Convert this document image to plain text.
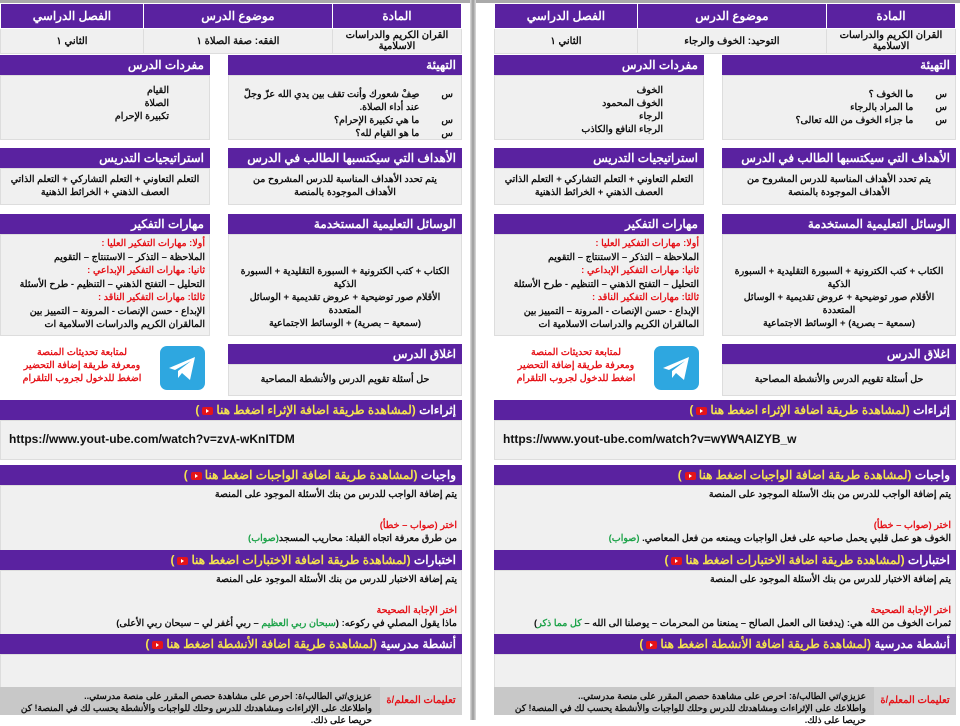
المادة	موضوع الدرس	الفصل الدراسي
القران الكريم والدراسات الاسلامية	الفقه: صفة الصلاة ١	الثاني ١
التهيئة
س
صِفْ شعورك وأنت تقف بين يدي الله عزّ وجلّ عند أداء الصلاة.
س
ما هي تكبيرة الإحرام؟
س
ما هو القيام لله؟
مفردات الدرس
القيام
الصلاة
تكبيرة الإحرام
الأهداف التي سيكتسبها الطالب في الدرس
يتم تحدد الأهداف المناسبة للدرس المشروح من الأهداف الموجودة بالمنصة
استراتيجيات التدريس
التعلم التعاوني + التعلم التشاركي + التعلم الذاتي
العصف الذهني + الخرائط الذهنية
الوسائل التعليمية المستخدمة
الكتاب + كتب الكترونية + السبورة التقليدية + السبورة الذكية
الأقلام صور توضيحية + عروض تقديمية + الوسائل المتعددة
(سمعية – بصرية) + الوسائط الاجتماعية
مهارات التفكير
أولا: مهارات التفكير العليا :
الملاحظة – التذكر – الاستنتاج – التقويم
ثانيا: مهارات التفكير الإبداعي :
التحليل – التفتح الذهني – التنظيم - طرح الأسئلة
ثالثا: مهارات التفكير الناقد :
الإبداع - حسن الإنصات - المرونة – التمييز بين المالقران الكريم والدراسات الاسلامية ات
اغلاق الدرس
حل أسئلة تقويم الدرس والأنشطة المصاحبة
لمتابعة تحديثات المنصة
ومعرفة طريقة إضافة التحضير
اضغط للدخول لجروب التلقرام
إثراءات (لمشاهدة طريقة اضافة الإثراء اضغط هنا)
https://www.yout-ube.com/watch?v=zv٨-wKnITDM
واجبات (لمشاهدة طريقة اضافة الواجبات اضغط هنا)
يتم إضافة الواجب للدرس من بنك الأسئلة الموجود على المنصة
اختر (صواب – خطأ)
من طرق معرفة اتجاه القبلة: محاريب المسجد(صواب)
اختبارات (لمشاهدة طريقة اضافة الاختبارات اضغط هنا)
يتم إضافة الاختبار للدرس من بنك الأسئلة الموجود على المنصة
اختر الإجابة الصحيحة
ماذا يقول المصلي في ركوعه: (سبحان ربي العظيم – ربي أغفر لي – سبحان ربي الأعلى)
أنشطة مدرسية (لمشاهدة طريقة اضافة الأنشطة اضغط هنا)
تعليمات المعلم/ة
عزيزي/تي الطالب/ة: احرص على مشاهدة حصص المقرر على منصة مدرستي..
واطلاعك على الإثراءات ومشاهدتك للدرس وحلك للواجبات والأنشطة يحسب لك في المنصة! كن حريصا على ذلك.
المادة	موضوع الدرس	الفصل الدراسي
القران الكريم والدراسات الاسلامية	التوحيد: الخوف والرجاء	الثاني ١
التهيئة
س
ما الخوف ؟
س
ما المراد بالرجاء
س
ما جزاء الخوف من الله تعالى؟
مفردات الدرس
الخوف
الخوف المحمود
الرجاء
الرجاء النافع والكاذب
الأهداف التي سيكتسبها الطالب في الدرس
يتم تحدد الأهداف المناسبة للدرس المشروح من الأهداف الموجودة بالمنصة
استراتيجيات التدريس
التعلم التعاوني + التعلم التشاركي + التعلم الذاتي
العصف الذهني + الخرائط الذهنية
الوسائل التعليمية المستخدمة
الكتاب + كتب الكترونية + السبورة التقليدية + السبورة الذكية
الأقلام صور توضيحية + عروض تقديمية + الوسائل المتعددة
(سمعية – بصرية) + الوسائط الاجتماعية
مهارات التفكير
أولا: مهارات التفكير العليا :
الملاحظة – التذكر – الاستنتاج – التقويم
ثانيا: مهارات التفكير الإبداعي :
التحليل – التفتح الذهني – التنظيم - طرح الأسئلة
ثالثا: مهارات التفكير الناقد :
الإبداع - حسن الإنصات - المرونة – التمييز بين المالقران الكريم والدراسات الاسلامية ات
اغلاق الدرس
حل أسئلة تقويم الدرس والأنشطة المصاحبة
لمتابعة تحديثات المنصة
ومعرفة طريقة إضافة التحضير
اضغط للدخول لجروب التلقرام
إثراءات (لمشاهدة طريقة اضافة الإثراء اضغط هنا)
https://www.yout-ube.com/watch?v=w٧W٩AIZYB_w
واجبات (لمشاهدة طريقة اضافة الواجبات اضغط هنا)
يتم إضافة الواجب للدرس من بنك الأسئلة الموجود على المنصة
اختر (صواب – خطأ)
الخوف هو عمل قلبي يحمل صاحبه على فعل الواجبات ويمنعه من فعل المعاصي. (صواب)
اختبارات (لمشاهدة طريقة اضافة الاختبارات اضغط هنا)
يتم إضافة الاختبار للدرس من بنك الأسئلة الموجود على المنصة
اختر الإجابة الصحيحة
ثمرات الخوف من الله هي: (يدفعنا الى العمل الصالح – يمنعنا من المحرمات – يوصلنا الى الله – كل مما ذكر)
أنشطة مدرسية (لمشاهدة طريقة اضافة الأنشطة اضغط هنا)
تعليمات المعلم/ة
عزيزي/تي الطالب/ة: احرص على مشاهدة حصص المقرر على منصة مدرستي..
واطلاعك على الإثراءات ومشاهدتك للدرس وحلك للواجبات والأنشطة يحسب لك في المنصة! كن حريصا على ذلك.
